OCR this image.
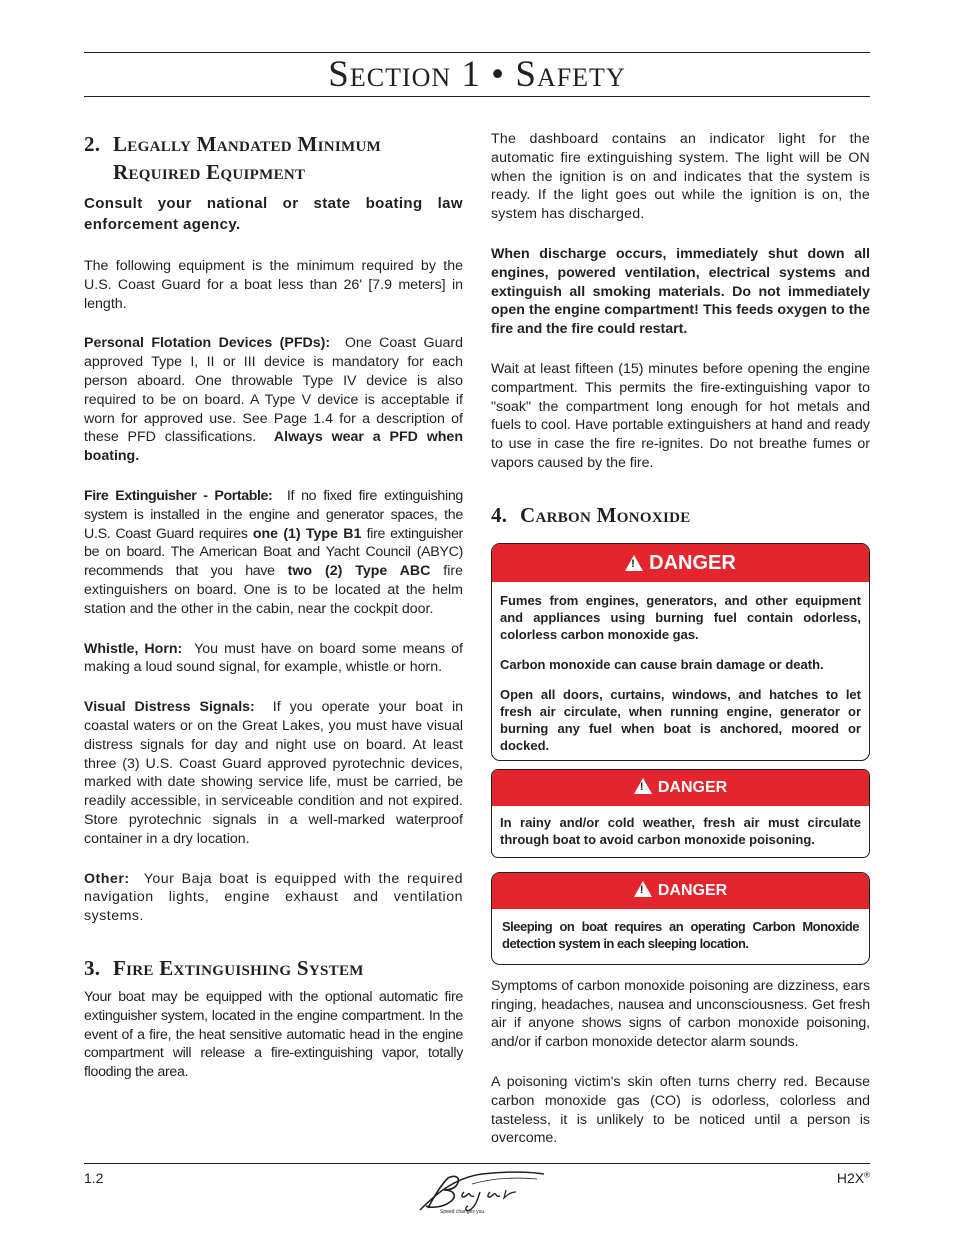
Section 1 • Safety
2. Legally Mandated Minimum
Required Equipment

Consult your national or state boating law enforcement agency.

The following equipment is the minimum required by the U.S. Coast Guard for a boat less than 26' [7.9 meters] in length.

Personal Flotation Devices (PFDs): One Coast Guard approved Type I, II or III device is mandatory for each person aboard. One throwable Type IV device is also required to be on board. A Type V device is acceptable if worn for approved use. See Page 1.4 for a description of these PFD classifications. Always wear a PFD when boating.

Fire Extinguisher - Portable: If no fixed fire extinguishing system is installed in the engine and generator spaces, the U.S. Coast Guard requires one (1) Type B1 fire extinguisher be on board. The American Boat and Yacht Council (ABYC) recommends that you have two (2) Type ABC fire extinguishers on board. One is to be located at the helm station and the other in the cabin, near the cockpit door.

Whistle, Horn: You must have on board some means of making a loud sound signal, for example, whistle or horn.

Visual Distress Signals: If you operate your boat in coastal waters or on the Great Lakes, you must have visual distress signals for day and night use on board. At least three (3) U.S. Coast Guard approved pyrotechnic devices, marked with date showing service life, must be carried, be readily accessible, in serviceable condition and not expired. Store pyrotechnic signals in a well-marked waterproof container in a dry location.

Other: Your Baja boat is equipped with the required navigation lights, engine exhaust and ventilation systems.

3. Fire Extinguishing System

Your boat may be equipped with the optional automatic fire extinguisher system, located in the engine compartment. In the event of a fire, the heat sensitive automatic head in the engine compartment will release a fire-extinguishing vapor, totally flooding the area.

The dashboard contains an indicator light for the automatic fire extinguishing system. The light will be ON when the ignition is on and indicates that the system is ready. If the light goes out while the ignition is on, the system has discharged.

When discharge occurs, immediately shut down all engines, powered ventilation, electrical systems and extinguish all smoking materials. Do not immediately open the engine compartment! This feeds oxygen to the fire and the fire could restart.

Wait at least fifteen (15) minutes before opening the engine compartment. This permits the fire-extinguishing vapor to "soak" the compartment long enough for hot metals and fuels to cool. Have portable extinguishers at hand and ready to use in case the fire re-ignites. Do not breathe fumes or vapors caused by the fire.

4. Carbon Monoxide
! DANGER

Fumes from engines, generators, and other equipment and appliances using burning fuel contain odorless, colorless carbon monoxide gas.

Carbon monoxide can cause brain damage or death.

Open all doors, curtains, windows, and hatches to let fresh air circulate, when running engine, generator or burning any fuel when boat is anchored, moored or docked.

! DANGER

In rainy and/or cold weather, fresh air must circulate through boat to avoid carbon monoxide poisoning.

! DANGER

Sleeping on boat requires an operating Carbon Monoxide detection system in each sleeping location.

Symptoms of carbon monoxide poisoning are dizziness, ears ringing, headaches, nausea and unconsciousness. Get fresh air if anyone shows signs of carbon monoxide poisoning, and/or if carbon monoxide detector alarm sounds.

A poisoning victim's skin often turns cherry red. Because carbon monoxide gas (CO) is odorless, colorless and tasteless, it is unlikely to be noticed until a person is overcome.

1.2	H2X®
Speed changes you.
